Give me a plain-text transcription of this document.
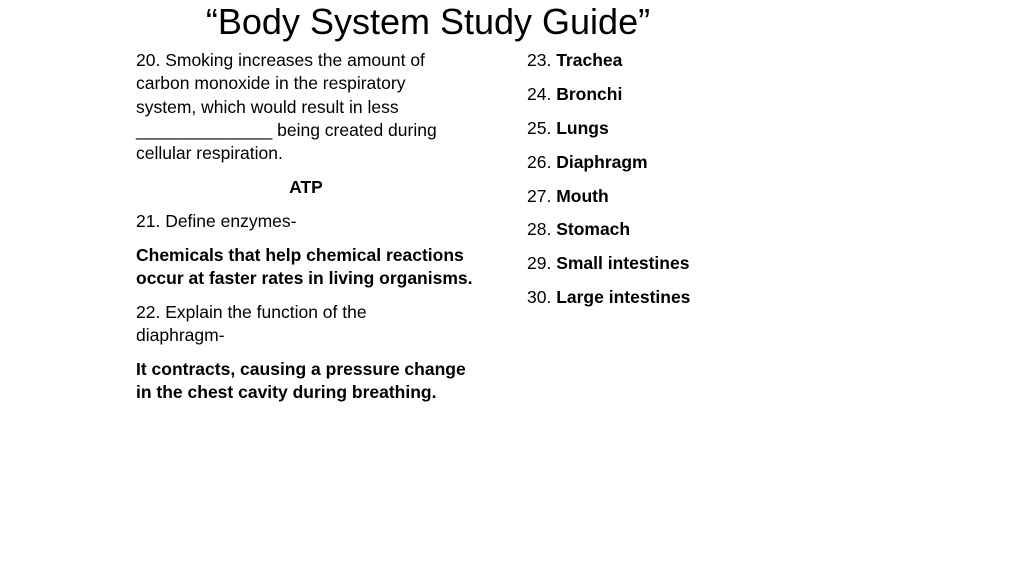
“Body System Study Guide”

20. Smoking increases the amount of
carbon monoxide in the respiratory
system, which would result in less
______________ being created during
cellular respiration.

ATP

21. Define enzymes-

Chemicals that help chemical reactions
occur at faster rates in living organisms.

22. Explain the function of the
diaphragm-

It contracts, causing a pressure change
in the chest cavity during breathing.

23. Trachea
24. Bronchi
25. Lungs
26. Diaphragm
27. Mouth
28. Stomach
29. Small intestines
30. Large intestines
